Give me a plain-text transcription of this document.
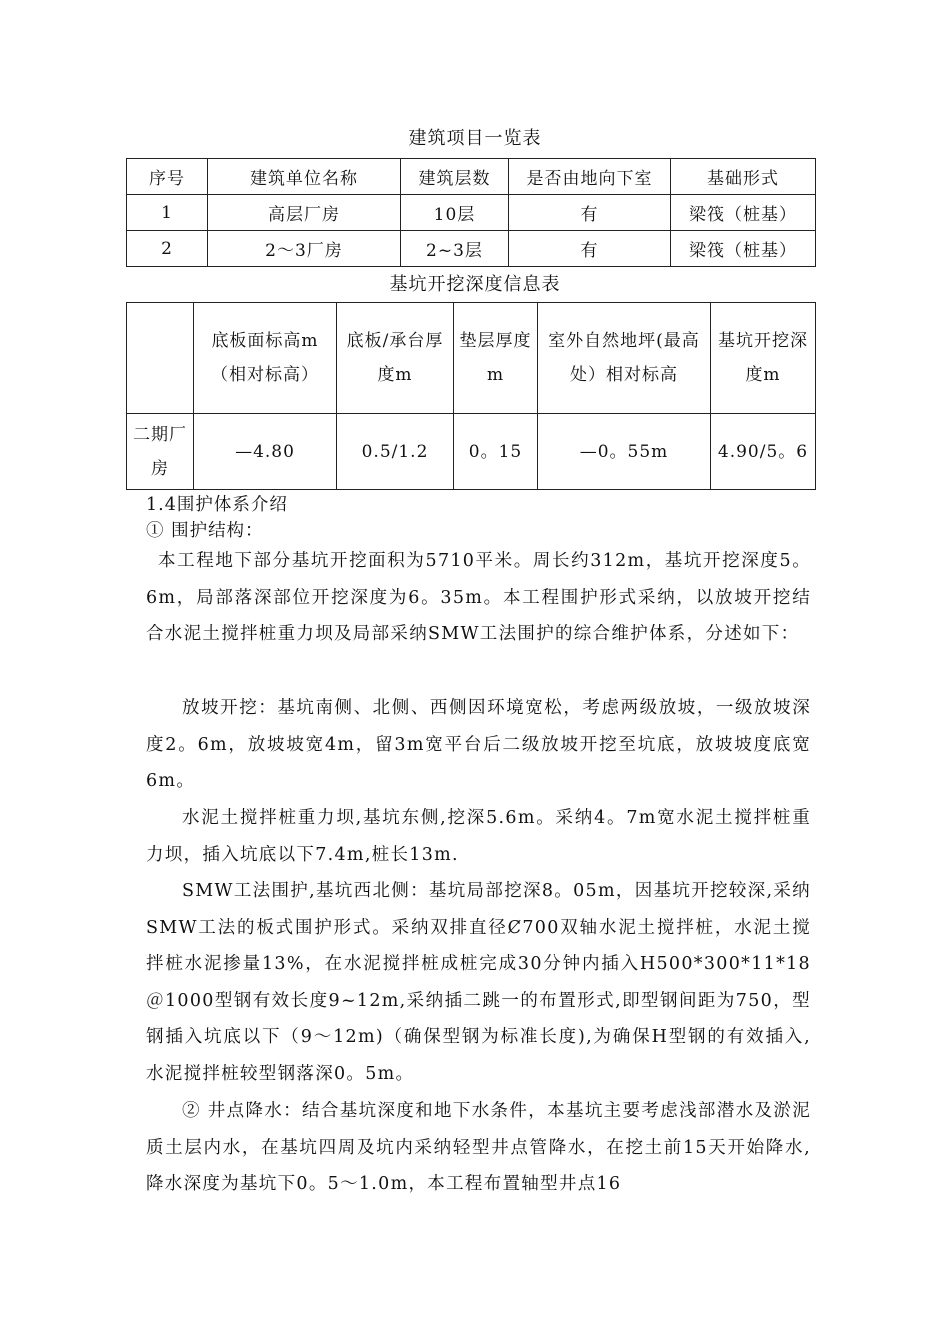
建筑项目一览表
序号	建筑单位名称	建筑层数	是否由地向下室	基础形式
1	高层厂房	10层	有	梁筏（桩基）
2	2～3厂房	2~3层	有	梁筏（桩基）
基坑开挖深度信息表
	底板面标高m（相对标高）	底板/承台厚度m	垫层厚度m	室外自然地坪(最高处）相对标高	基坑开挖深度m
二期厂房	—4.80	0.5/1.2	0。15	—0。55m	4.90/5。6
1.4围护体系介绍
① 围护结构：
本工程地下部分基坑开挖面积为5710平米。周长约312m，基坑开挖深度5。6m，局部落深部位开挖深度为6。35m。本工程围护形式采纳，以放坡开挖结合水泥土搅拌桩重力坝及局部采纳SMW工法围护的综合维护体系，分述如下：
放坡开挖：基坑南侧、北侧、西侧因环境宽松，考虑两级放坡，一级放坡深度2。6m，放坡坡宽4m，留3m宽平台后二级放坡开挖至坑底，放坡坡度底宽6m。
水泥土搅拌桩重力坝,基坑东侧,挖深5.6m。采纳4。7m宽水泥土搅拌桩重力坝，插入坑底以下7.4m,桩长13m.
SMW工法围护,基坑西北侧：基坑局部挖深8。05m，因基坑开挖较深,采纳SMW工法的板式围护形式。采纳双排直径Ȼ700双轴水泥土搅拌桩，水泥土搅拌桩水泥掺量13%，在水泥搅拌桩成桩完成30分钟内插入H500*300*11*18＠1000型钢有效长度9~12m,采纳插二跳一的布置形式,即型钢间距为750，型钢插入坑底以下（9～12m)（确保型钢为标准长度),为确保H型钢的有效插入,水泥搅拌桩较型钢落深0。5m。
② 井点降水：结合基坑深度和地下水条件，本基坑主要考虑浅部潜水及淤泥质土层内水，在基坑四周及坑内采纳轻型井点管降水，在挖土前15天开始降水,降水深度为基坑下0。5～1.0m，本工程布置轴型井点16
